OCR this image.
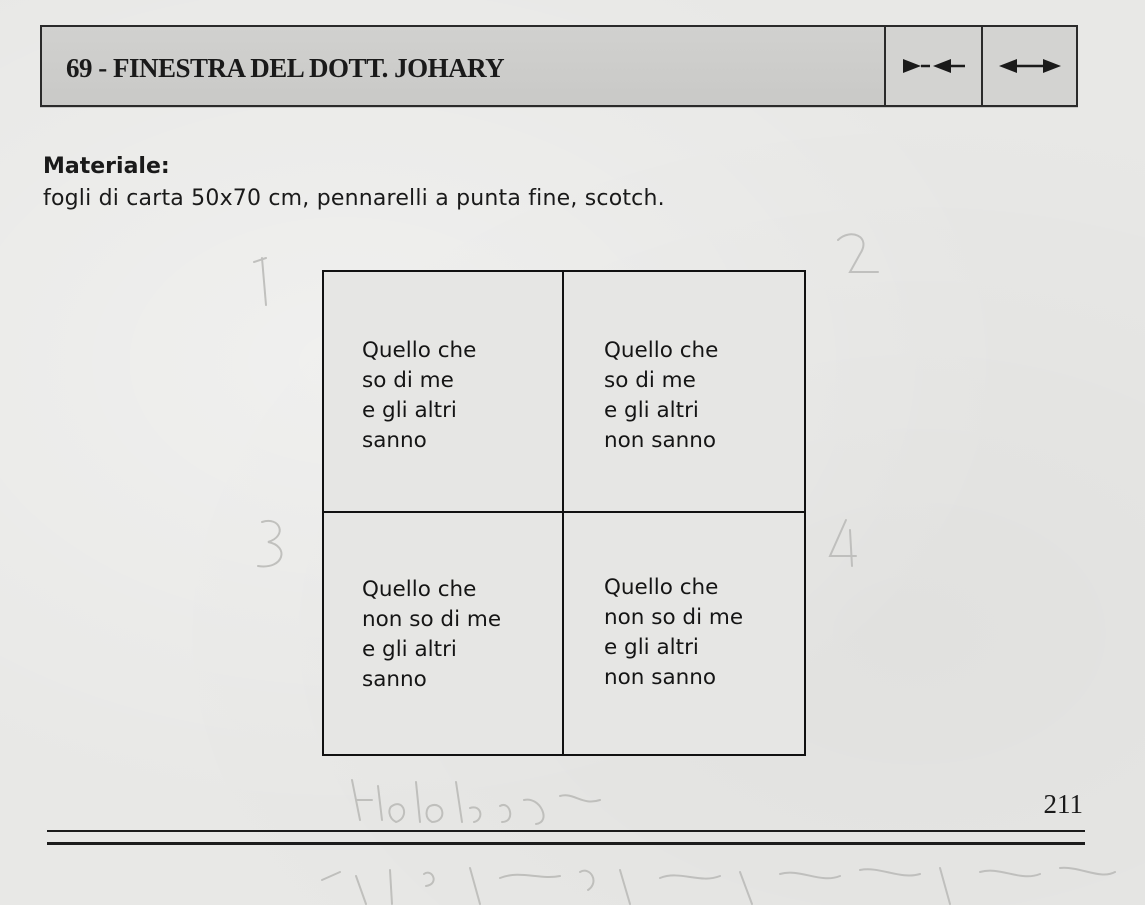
69 - FINESTRA DEL DOTT. JOHARY
Materiale:
fogli di carta 50x70 cm, pennarelli a punta fine, scotch.
Quello che
so di me
e gli altri
sanno
Quello che
so di me
e gli altri
non sanno
Quello che
non so di me
e gli altri
sanno
Quello che
non so di me
e gli altri
non sanno
211
